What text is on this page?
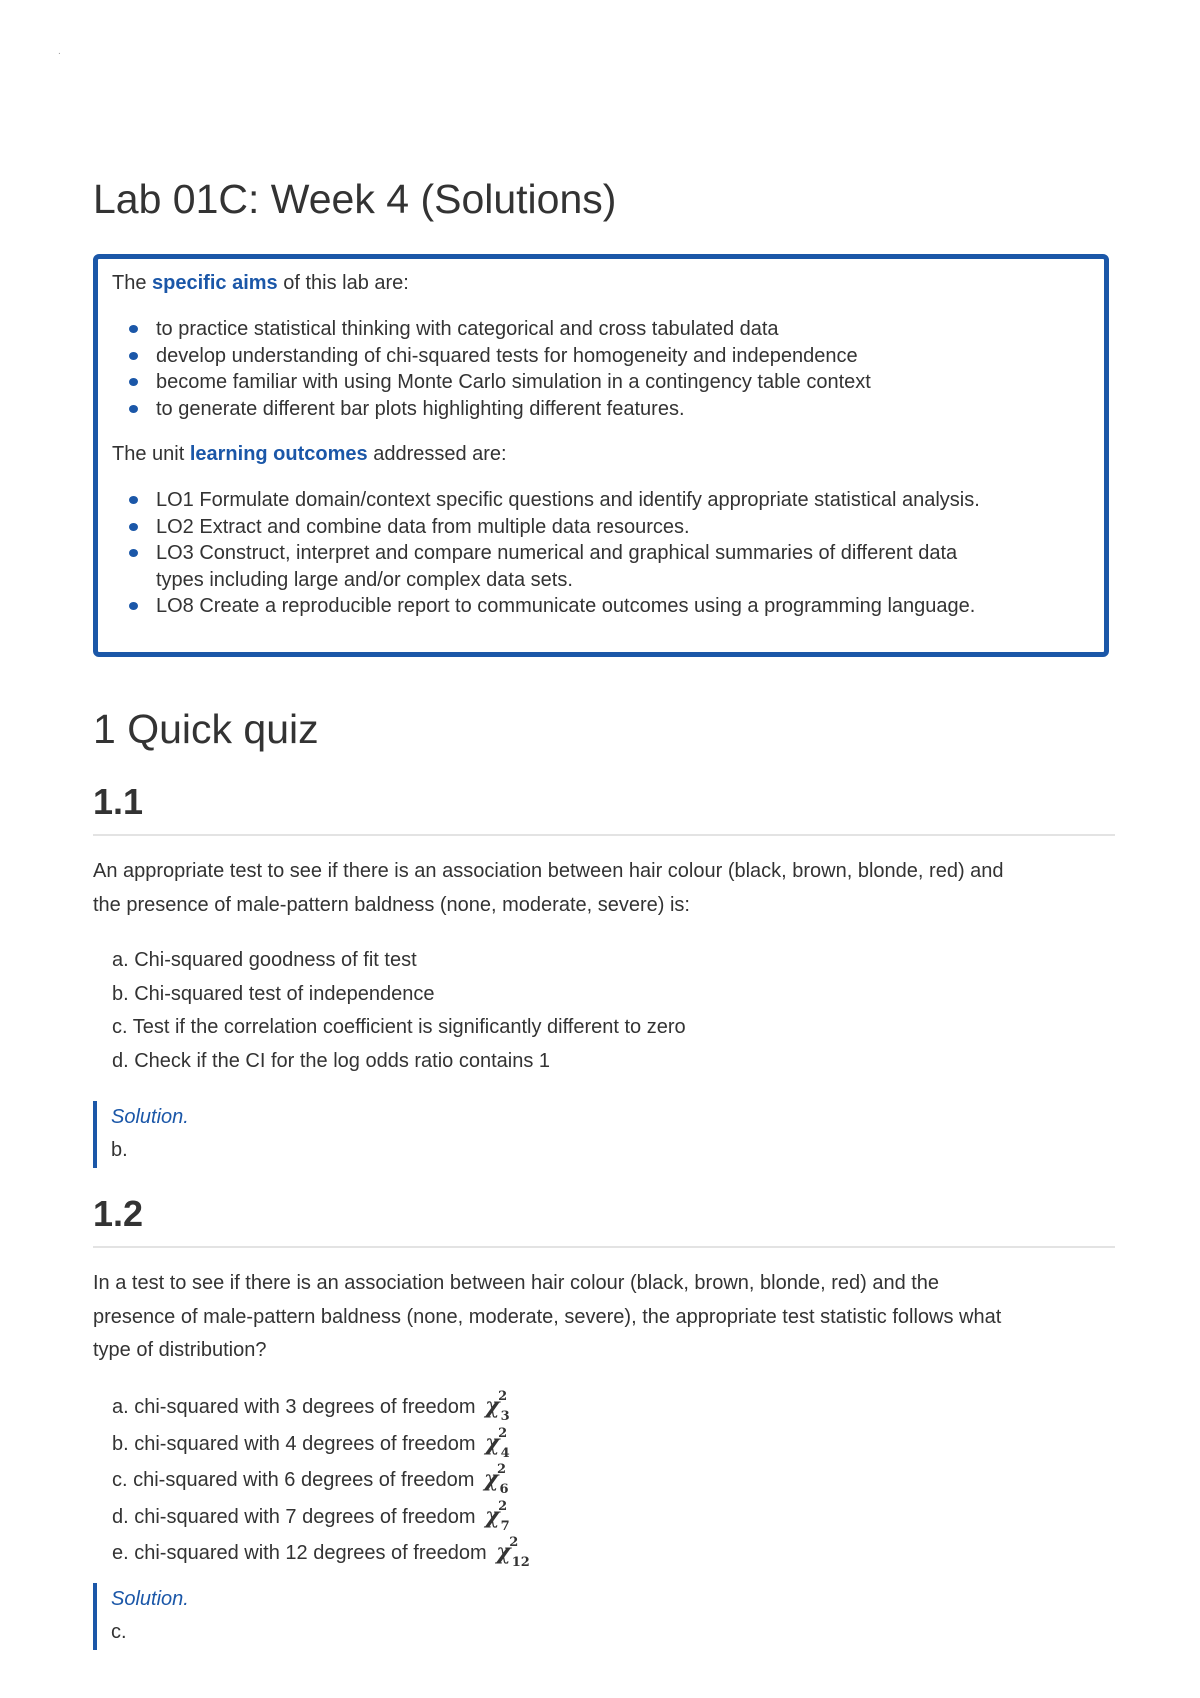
.
Lab 01C: Week 4 (Solutions)

The specific aims of this lab are:

to practice statistical thinking with categorical and cross tabulated data
develop understanding of chi-squared tests for homogeneity and independence
become familiar with using Monte Carlo simulation in a contingency table context
to generate different bar plots highlighting different features.

The unit learning outcomes addressed are:

LO1 Formulate domain/context specific questions and identify appropriate statistical analysis.
LO2 Extract and combine data from multiple data resources.
LO3 Construct, interpret and compare numerical and graphical summaries of different data
types including large and/or complex data sets.
LO8 Create a reproducible report to communicate outcomes using a programming language.
1 Quick quiz
1.1

An appropriate test to see if there is an association between hair colour (black, brown, blonde, red) and
the presence of male-pattern baldness (none, moderate, severe) is:

a. Chi-squared goodness of fit test
b. Chi-squared test of independence
c. Test if the correlation coefficient is significantly different to zero
d. Check if the CI for the log odds ratio contains 1
Solution.
b.
1.2

In a test to see if there is an association between hair colour (black, brown, blonde, red) and the
presence of male-pattern baldness (none, moderate, severe), the appropriate test statistic follows what
type of distribution?

a. chi-squared with 3 degrees of freedom χ
2
$_3$
b. chi-squared with 4 degrees of freedom χ
2
$_4$
c. chi-squared with 6 degrees of freedom χ
2
$_6$
d. chi-squared with 7 degrees of freedom χ
2
$_7$
e. chi-squared with 12 degrees of freedom χ
2
$_{12}$
Solution.
c.
